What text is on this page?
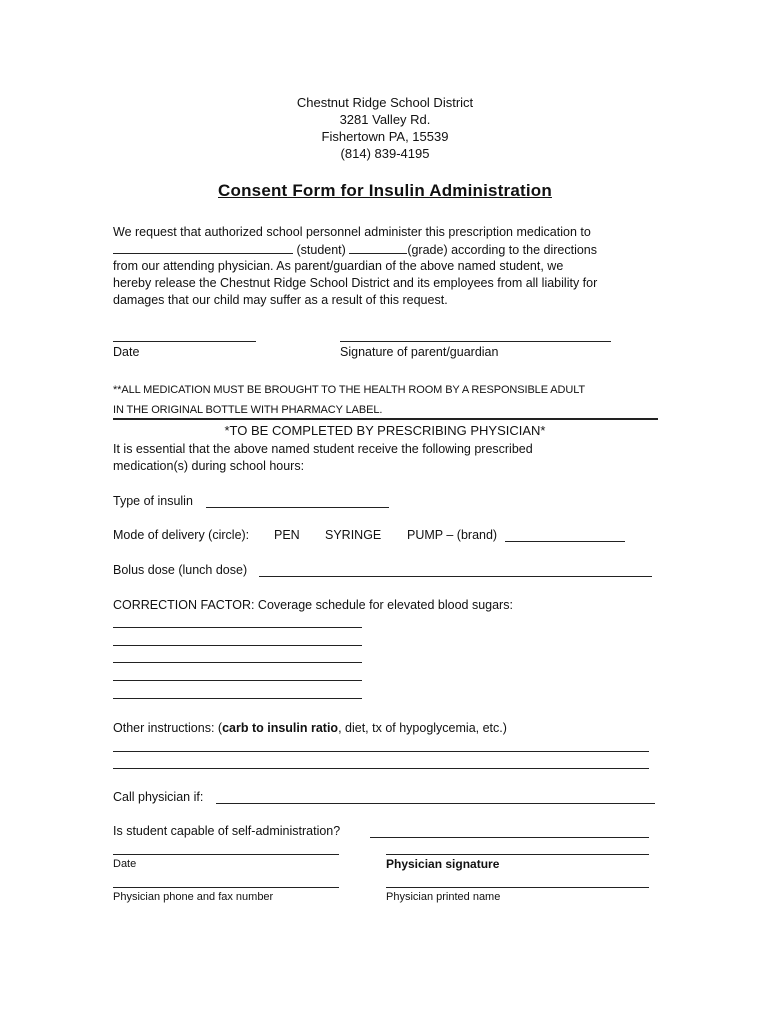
Chestnut Ridge School District
3281 Valley Rd.
Fishertown PA, 15539
(814) 839-4195
Consent Form for Insulin Administration
We request that authorized school personnel administer this prescription medication to
(student)	(grade) according to the directions
from our attending physician. As parent/guardian of the above named student, we
hereby release the Chestnut Ridge School District and its employees from all liability for
damages that our child may suffer as a result of this request.
Date	Signature of parent/guardian
**ALL MEDICATION MUST BE BROUGHT TO THE HEALTH ROOM BY A RESPONSIBLE ADULT
IN THE ORIGINAL BOTTLE WITH PHARMACY LABEL.
*TO BE COMPLETED BY PRESCRIBING PHYSICIAN*
It is essential that the above named student receive the following prescribed
medication(s) during school hours:
Type of insulin
Mode of delivery (circle): PEN SYRINGE PUMP – (brand)
Bolus dose (lunch dose)
CORRECTION FACTOR: Coverage schedule for elevated blood sugars:
Other instructions: (carb to insulin ratio, diet, tx of hypoglycemia, etc.)
Call physician if:
Is student capable of self-administration?
Date	Physician signature
Physician phone and fax number	Physician printed name
